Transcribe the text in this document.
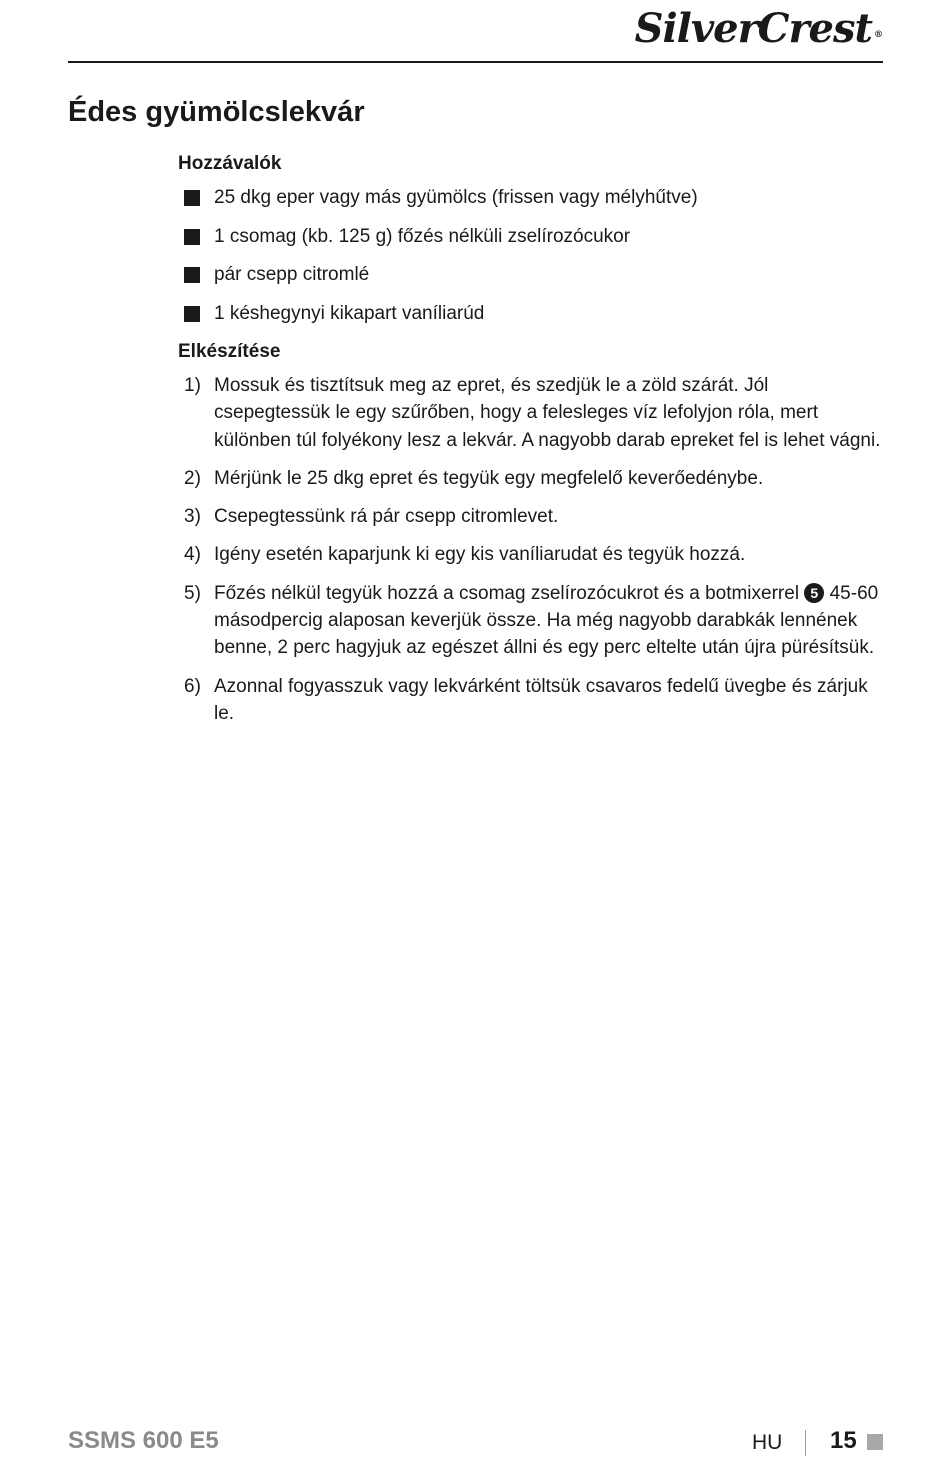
SilverCrest ®
Édes gyümölcslekvár
Hozzávalók
25 dkg eper vagy más gyümölcs (frissen vagy mélyhűtve)
1 csomag (kb. 125 g) főzés nélküli zselírozócukor
pár csepp citromlé
1 késhegynyi kikapart vaníliarúd
Elkészítése
1) Mossuk és tisztítsuk meg az epret, és szedjük le a zöld szárát. Jól csepegtessük le egy szűrőben, hogy a felesleges víz lefolyjon róla, mert különben túl folyékony lesz a lekvár. A nagyobb darab epreket fel is lehet vágni.
2) Mérjünk le 25 dkg epret és tegyük egy megfelelő keverőedénybe.
3) Csepegtessünk rá pár csepp citromlevet.
4) Igény esetén kaparjunk ki egy kis vaníliarudat és tegyük hozzá.
5) Főzés nélkül tegyük hozzá a csomag zselírozócukrot és a botmixerrel 5 45-60 másodpercig alaposan keverjük össze. Ha még nagyobb darabkák lennének benne, 2 perc hagyjuk az egészet állni és egy perc eltelte után újra pürésítsük.
6) Azonnal fogyasszuk vagy lekvárként töltsük csavaros fedelű üvegbe és zárjuk le.
SSMS 600 E5	HU 15
